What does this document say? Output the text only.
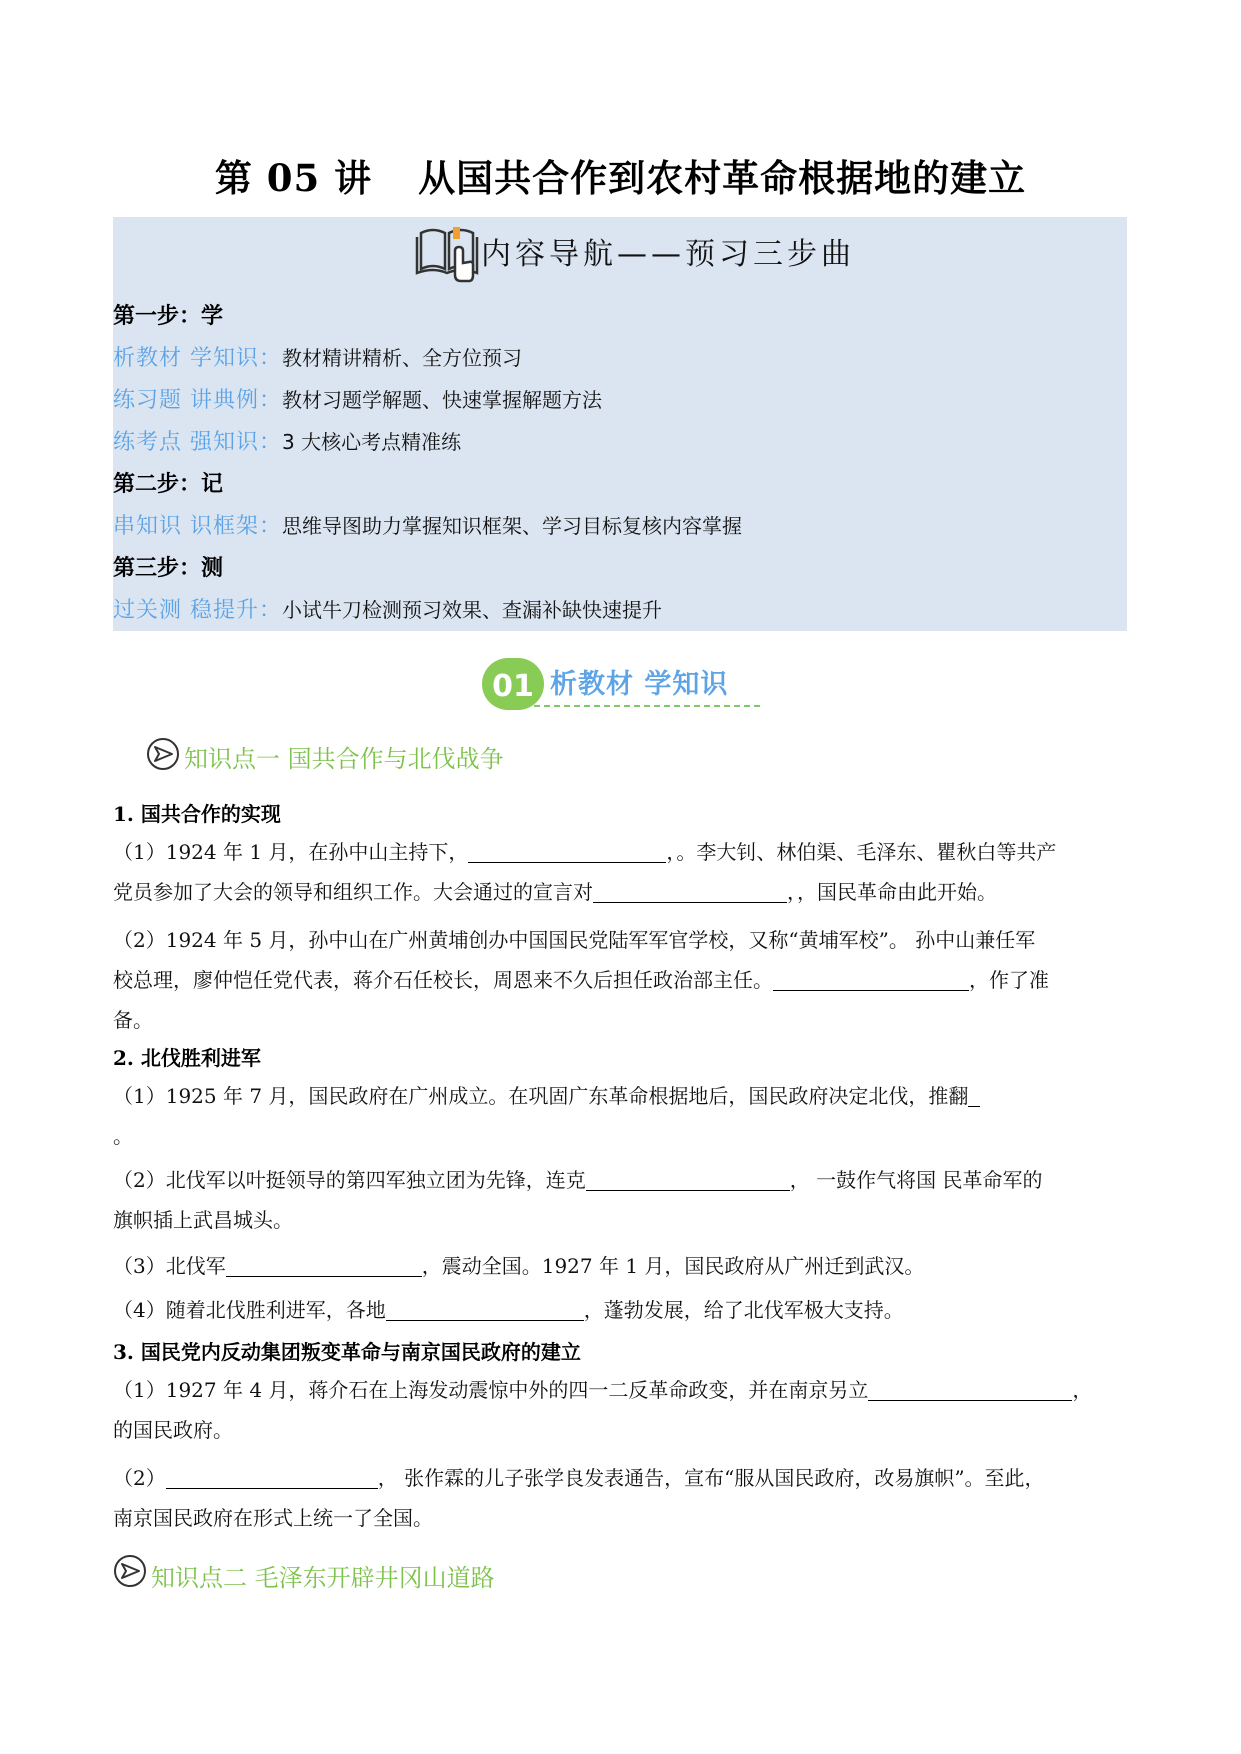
第 05 讲 从国共合作到农村革命根据地的建立
内容导航——预习三步曲
第一步：学
析教材 学知识：教材精讲精析、全方位预习
练习题 讲典例：教材习题学解题、快速掌握解题方法
练考点 强知识：3 大核心考点精准练
第二步：记
串知识 识框架：思维导图助力掌握知识框架、学习目标复核内容掌握
第三步：测
过关测 稳提升：小试牛刀检测预习效果、查漏补缺快速提升
01 析教材 学知识
知识点一 国共合作与北伐战争
1. 国共合作的实现
（1）1924 年 1 月，在孙中山主持下，	，。李大钊、林伯渠、毛泽东、瞿秋白等共产
党员参加了大会的领导和组织工作。大会通过的宣言对	，，国民革命由此开始。
（2）1924 年 5 月，孙中山在广州黄埔创办中国国民党陆军军官学校，又称“黄埔军校”。 孙中山兼任军
校总理，廖仲恺任党代表，蒋介石任校长，周恩来不久后担任政治部主任。	，作了准
备。
2. 北伐胜利进军
（1）1925 年 7 月，国民政府在广州成立。在巩固广东革命根据地后，国民政府决定北伐，推翻
。
（2）北伐军以叶挺领导的第四军独立团为先锋，连克	， 一鼓作气将国 民革命军的
旗帜插上武昌城头。
（3）北伐军	，震动全国。1927 年 1 月，国民政府从广州迁到武汉。
（4）随着北伐胜利进军，各地	，蓬勃发展，给了北伐军极大支持。
3. 国民党内反动集团叛变革命与南京国民政府的建立
（1）1927 年 4 月，蒋介石在上海发动震惊中外的四一二反革命政变，并在南京另立	，
的国民政府。
（2）	， 张作霖的儿子张学良发表通告，宣布“服从国民政府，改易旗帜”。至此，
南京国民政府在形式上统一了全国。
知识点二 毛泽东开辟井冈山道路
